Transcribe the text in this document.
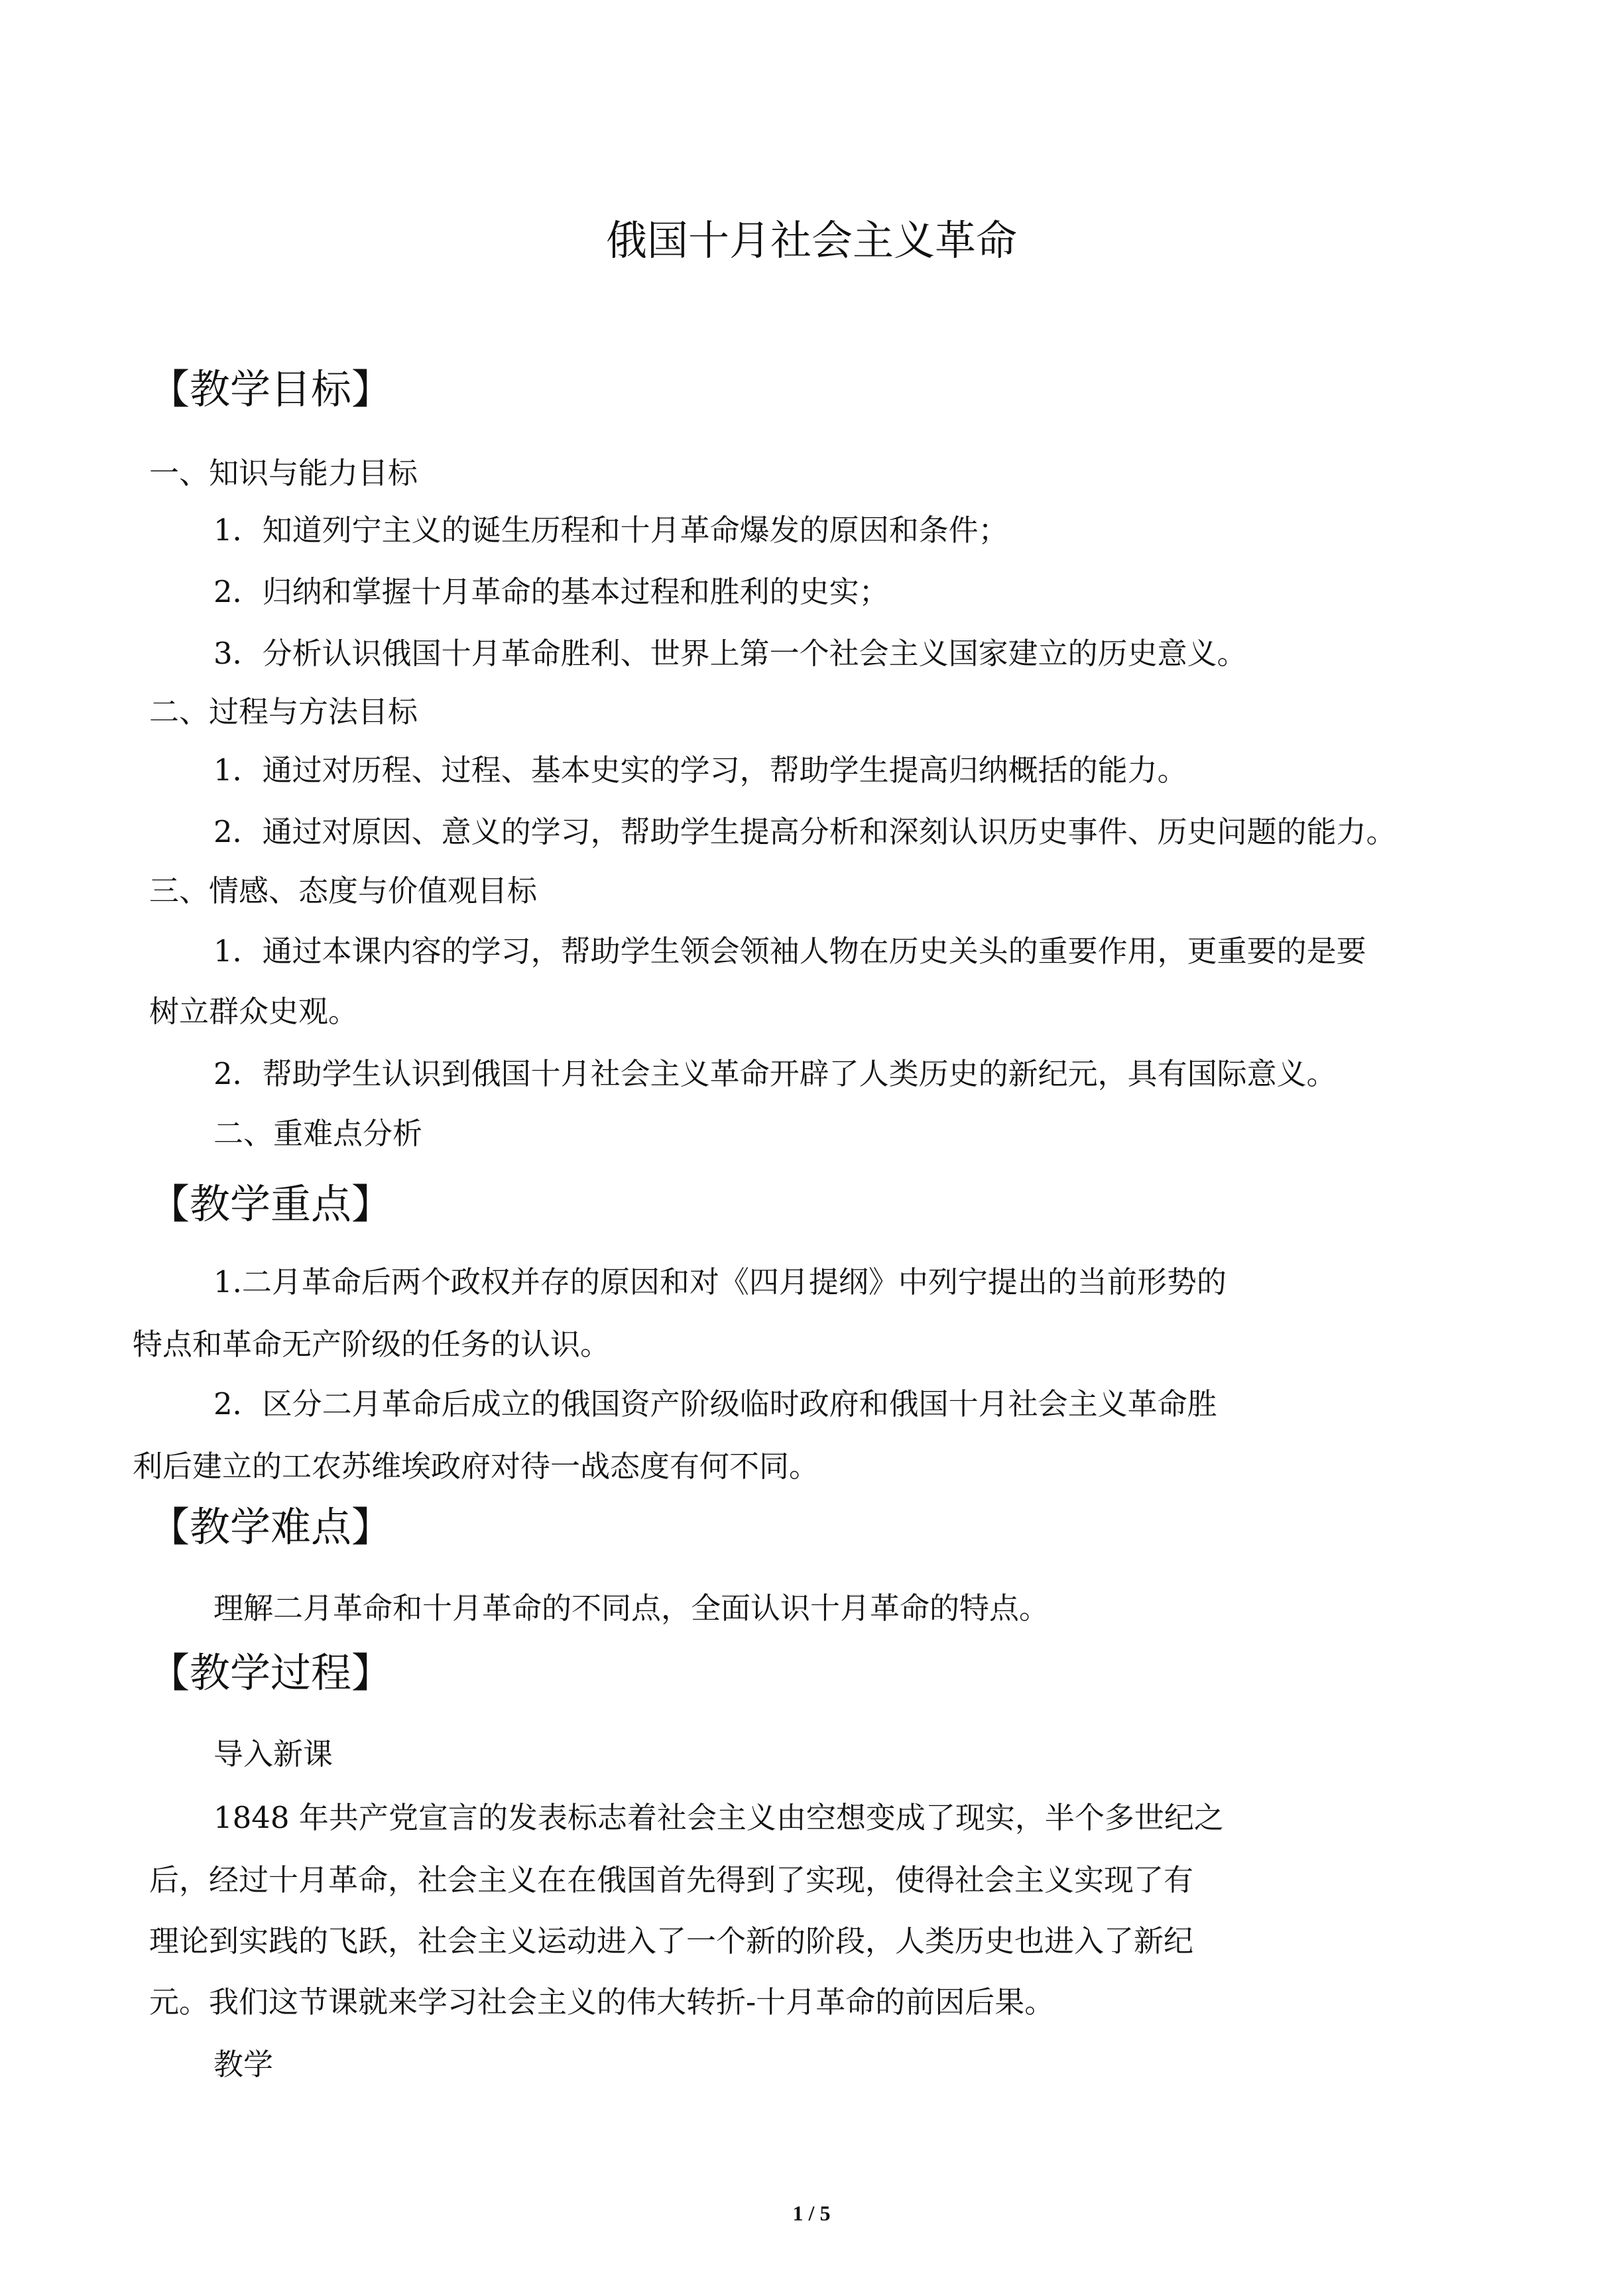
俄国十月社会主义革命
【教学目标】
一、知识与能力目标
1．知道列宁主义的诞生历程和十月革命爆发的原因和条件；
2．归纳和掌握十月革命的基本过程和胜利的史实；
3．分析认识俄国十月革命胜利、世界上第一个社会主义国家建立的历史意义。
二、过程与方法目标
1．通过对历程、过程、基本史实的学习，帮助学生提高归纳概括的能力。
2．通过对原因、意义的学习，帮助学生提高分析和深刻认识历史事件、历史问题的能力。
三、情感、态度与价值观目标
1．通过本课内容的学习，帮助学生领会领袖人物在历史关头的重要作用，更重要的是要
树立群众史观。
2．帮助学生认识到俄国十月社会主义革命开辟了人类历史的新纪元，具有国际意义。
二、重难点分析
【教学重点】
1.二月革命后两个政权并存的原因和对《四月提纲》中列宁提出的当前形势的
特点和革命无产阶级的任务的认识。
2．区分二月革命后成立的俄国资产阶级临时政府和俄国十月社会主义革命胜
利后建立的工农苏维埃政府对待一战态度有何不同。
【教学难点】
理解二月革命和十月革命的不同点，全面认识十月革命的特点。
【教学过程】
导入新课
1848 年共产党宣言的发表标志着社会主义由空想变成了现实，半个多世纪之
后，经过十月革命，社会主义在在俄国首先得到了实现，使得社会主义实现了有
理论到实践的飞跃，社会主义运动进入了一个新的阶段，人类历史也进入了新纪
元。我们这节课就来学习社会主义的伟大转折-十月革命的前因后果。
教学
1 / 5
